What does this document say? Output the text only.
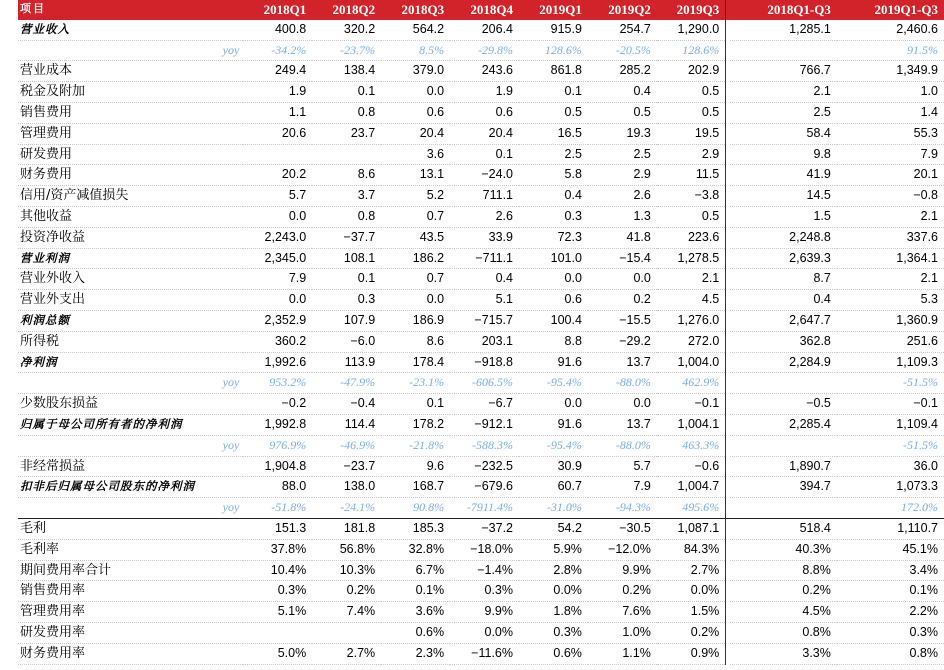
项目	2018Q1	2018Q2	2018Q3	2018Q4	2019Q1	2019Q2	2019Q3		2018Q1-Q3	2019Q1-Q3
营业收入	400.8	320.2	564.2	206.4	915.9	254.7	1,290.0		1,285.1	2,460.6
yoy	-34.2%	-23.7%	8.5%	-29.8%	128.6%	-20.5%	128.6%			91.5%
营业成本	249.4	138.4	379.0	243.6	861.8	285.2	202.9		766.7	1,349.9
税金及附加	1.9	0.1	0.0	1.9	0.1	0.4	0.5		2.1	1.0
销售费用	1.1	0.8	0.6	0.6	0.5	0.5	0.5		2.5	1.4
管理费用	20.6	23.7	20.4	20.4	16.5	19.3	19.5		58.4	55.3
研发费用			3.6	0.1	2.5	2.5	2.9		9.8	7.9
财务费用	20.2	8.6	13.1	−24.0	5.8	2.9	11.5		41.9	20.1
信用/资产减值损失	5.7	3.7	5.2	711.1	0.4	2.6	−3.8		14.5	−0.8
其他收益	0.0	0.8	0.7	2.6	0.3	1.3	0.5		1.5	2.1
投资净收益	2,243.0	−37.7	43.5	33.9	72.3	41.8	223.6		2,248.8	337.6
营业利润	2,345.0	108.1	186.2	−711.1	101.0	−15.4	1,278.5		2,639.3	1,364.1
营业外收入	7.9	0.1	0.7	0.4	0.0	0.0	2.1		8.7	2.1
营业外支出	0.0	0.3	0.0	5.1	0.6	0.2	4.5		0.4	5.3
利润总额	2,352.9	107.9	186.9	−715.7	100.4	−15.5	1,276.0		2,647.7	1,360.9
所得税	360.2	−6.0	8.6	203.1	8.8	−29.2	272.0		362.8	251.6
净利润	1,992.6	113.9	178.4	−918.8	91.6	13.7	1,004.0		2,284.9	1,109.3
yoy	953.2%	-47.9%	-23.1%	-606.5%	-95.4%	-88.0%	462.9%			-51.5%
少数股东损益	−0.2	−0.4	0.1	−6.7	0.0	0.0	−0.1		−0.5	−0.1
归属于母公司所有者的净利润	1,992.8	114.4	178.2	−912.1	91.6	13.7	1,004.1		2,285.4	1,109.4
yoy	976.9%	-46.9%	-21.8%	-588.3%	-95.4%	-88.0%	463.3%			-51.5%
非经常损益	1,904.8	−23.7	9.6	−232.5	30.9	5.7	−0.6		1,890.7	36.0
扣非后归属母公司股东的净利润	88.0	138.0	168.7	−679.6	60.7	7.9	1,004.7		394.7	1,073.3
yoy	-51.8%	-24.1%	90.8%	-7911.4%	-31.0%	-94.3%	495.6%			172.0%
毛利	151.3	181.8	185.3	−37.2	54.2	−30.5	1,087.1		518.4	1,110.7
毛利率	37.8%	56.8%	32.8%	−18.0%	5.9%	−12.0%	84.3%		40.3%	45.1%
期间费用率合计	10.4%	10.3%	6.7%	−1.4%	2.8%	9.9%	2.7%		8.8%	3.4%
销售费用率	0.3%	0.2%	0.1%	0.3%	0.0%	0.2%	0.0%		0.2%	0.1%
管理费用率	5.1%	7.4%	3.6%	9.9%	1.8%	7.6%	1.5%		4.5%	2.2%
研发费用率			0.6%	0.0%	0.3%	1.0%	0.2%		0.8%	0.3%
财务费用率	5.0%	2.7%	2.3%	−11.6%	0.6%	1.1%	0.9%		3.3%	0.8%
